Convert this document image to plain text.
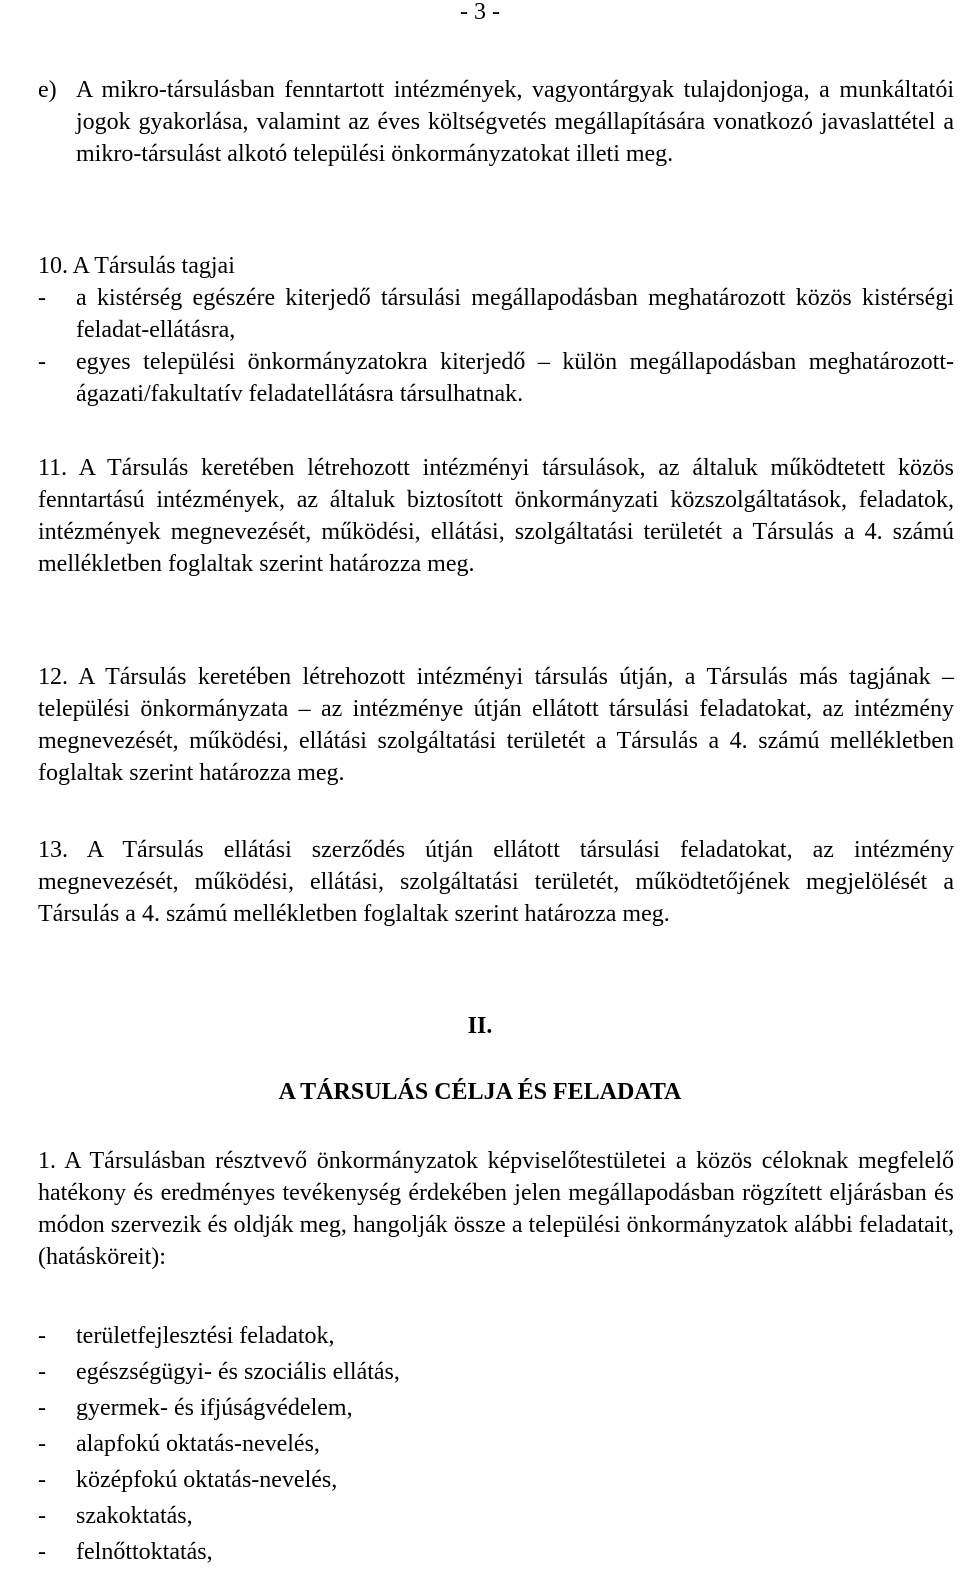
- 3 -
e) A mikro-társulásban fenntartott intézmények, vagyontárgyak tulajdonjoga, a munkáltatói jogok gyakorlása, valamint az éves költségvetés megállapítására vonatkozó javaslattétel a mikro-társulást alkotó települési önkormányzatokat illeti meg.
10. A Társulás tagjai
-	a kistérség egészére kiterjedő társulási megállapodásban meghatározott közös kistérségi feladat-ellátásra,
-	egyes települési önkormányzatokra kiterjedő – külön megállapodásban meghatározott- ágazati/fakultatív feladatellátásra társulhatnak.

11. A Társulás keretében létrehozott intézményi társulások, az általuk működtetett közös fenntartású intézmények, az általuk biztosított önkormányzati közszolgáltatások, feladatok, intézmények megnevezését, működési, ellátási, szolgáltatási területét a Társulás a 4. számú mellékletben foglaltak szerint határozza meg.

12. A Társulás keretében létrehozott intézményi társulás útján, a Társulás más tagjának – települési önkormányzata – az intézménye útján ellátott társulási feladatokat, az intézmény megnevezését, működési, ellátási szolgáltatási területét a Társulás a 4. számú mellékletben foglaltak szerint határozza meg.

13. A Társulás ellátási szerződés útján ellátott társulási feladatokat, az intézmény megnevezését, működési, ellátási, szolgáltatási területét, működtetőjének megjelölését a Társulás a 4. számú mellékletben foglaltak szerint határozza meg.

II.
A TÁRSULÁS CÉLJA ÉS FELADATA

1. A Társulásban résztvevő önkormányzatok képviselőtestületei a közös céloknak megfelelő hatékony és eredményes tevékenység érdekében jelen megállapodásban rögzített eljárásban és módon szervezik és oldják meg, hangolják össze a települési önkormányzatok alábbi feladatait, (hatásköreit):

-	területfejlesztési feladatok,
-	egészségügyi- és szociális ellátás,
-	gyermek- és ifjúságvédelem,
-	alapfokú oktatás-nevelés,
-	középfokú oktatás-nevelés,
-	szakoktatás,
-	felnőttoktatás,
